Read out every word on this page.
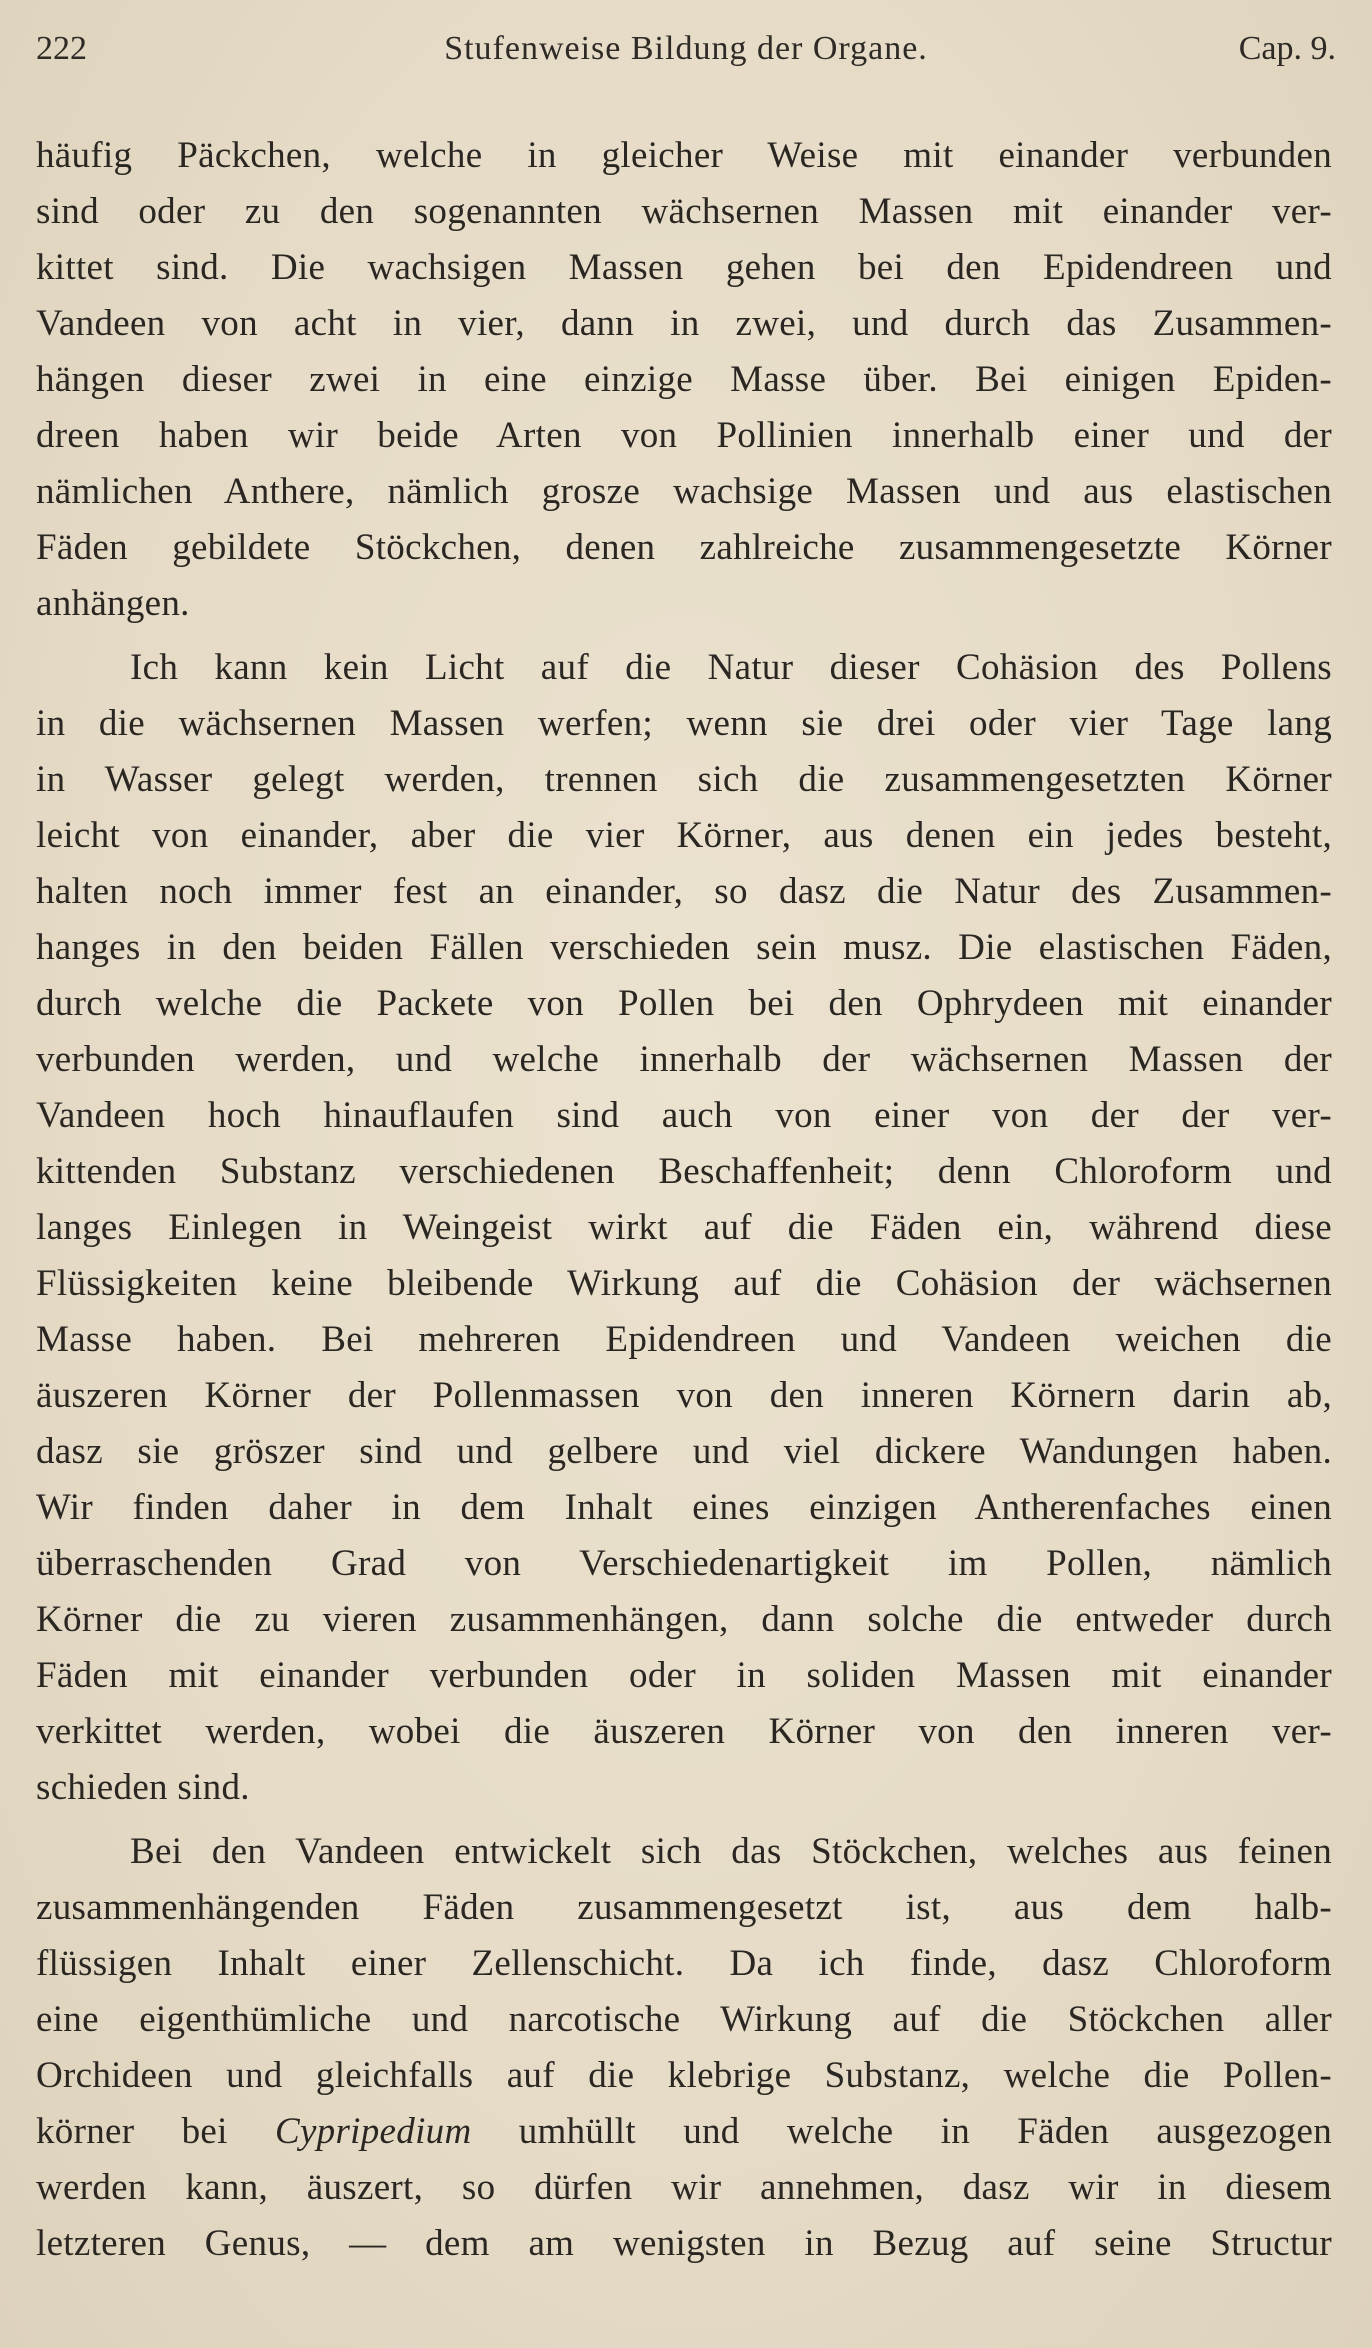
222	Stufenweise Bildung der Organe.	Cap. 9.
häufig Päckchen, welche in gleicher Weise mit einander verbunden
sind oder zu den sogenannten wächsernen Massen mit einander ver-
kittet sind. Die wachsigen Massen gehen bei den Epidendreen und
Vandeen von acht in vier, dann in zwei, und durch das Zusammen-
hängen dieser zwei in eine einzige Masse über. Bei einigen Epiden-
dreen haben wir beide Arten von Pollinien innerhalb einer und der
nämlichen Anthere, nämlich grosze wachsige Massen und aus elastischen
Fäden gebildete Stöckchen, denen zahlreiche zusammengesetzte Körner
anhängen.
Ich kann kein Licht auf die Natur dieser Cohäsion des Pollens
in die wächsernen Massen werfen; wenn sie drei oder vier Tage lang
in Wasser gelegt werden, trennen sich die zusammengesetzten Körner
leicht von einander, aber die vier Körner, aus denen ein jedes besteht,
halten noch immer fest an einander, so dasz die Natur des Zusammen-
hanges in den beiden Fällen verschieden sein musz. Die elastischen Fäden,
durch welche die Packete von Pollen bei den Ophrydeen mit einander
verbunden werden, und welche innerhalb der wächsernen Massen der
Vandeen hoch hinauflaufen sind auch von einer von der der ver-
kittenden Substanz verschiedenen Beschaffenheit; denn Chloroform und
langes Einlegen in Weingeist wirkt auf die Fäden ein, während diese
Flüssigkeiten keine bleibende Wirkung auf die Cohäsion der wächsernen
Masse haben. Bei mehreren Epidendreen und Vandeen weichen die
äuszeren Körner der Pollenmassen von den inneren Körnern darin ab,
dasz sie gröszer sind und gelbere und viel dickere Wandungen haben.
Wir finden daher in dem Inhalt eines einzigen Antherenfaches einen
überraschenden Grad von Verschiedenartigkeit im Pollen, nämlich
Körner die zu vieren zusammenhängen, dann solche die entweder durch
Fäden mit einander verbunden oder in soliden Massen mit einander
verkittet werden, wobei die äuszeren Körner von den inneren ver-
schieden sind.
Bei den Vandeen entwickelt sich das Stöckchen, welches aus feinen
zusammenhängenden Fäden zusammengesetzt ist, aus dem halb-
flüssigen Inhalt einer Zellenschicht. Da ich finde, dasz Chloroform
eine eigenthümliche und narcotische Wirkung auf die Stöckchen aller
Orchideen und gleichfalls auf die klebrige Substanz, welche die Pollen-
körner bei Cypripedium umhüllt und welche in Fäden ausgezogen
werden kann, äuszert, so dürfen wir annehmen, dasz wir in diesem
letzteren Genus, — dem am wenigsten in Bezug auf seine Structur
